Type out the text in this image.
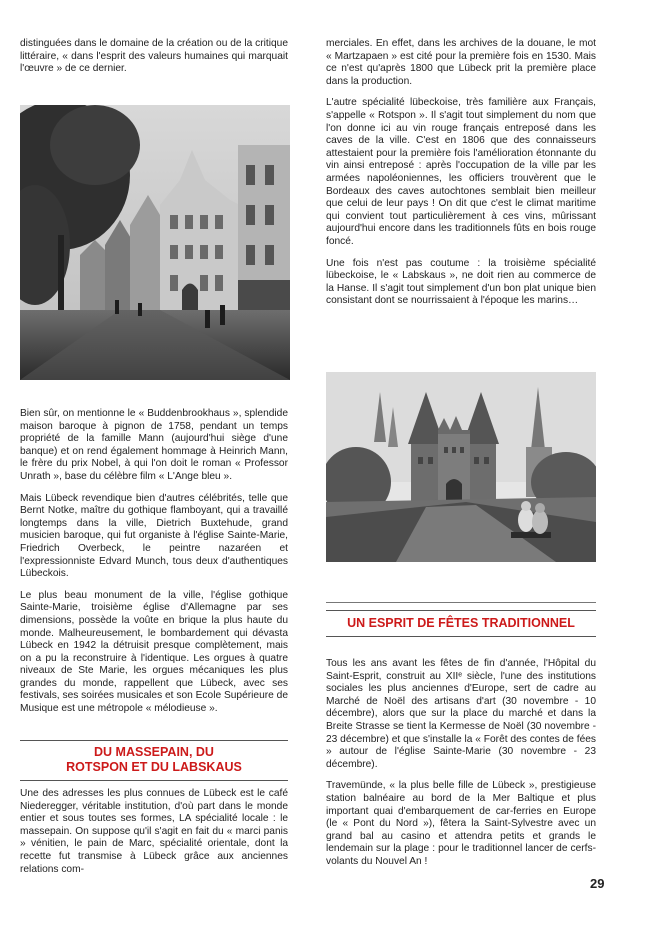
distinguées dans le domaine de la création ou de la critique littéraire, « dans l'esprit des valeurs humaines qui marquait l'œuvre » de ce dernier.

Bien sûr, on mentionne le « Buddenbrookhaus », splendide maison baroque à pignon de 1758, pendant un temps propriété de la famille Mann (aujourd'hui siège d'une banque) et on rend également hommage à Heinrich Mann, le frère du prix Nobel, à qui l'on doit le roman « Professor Unrath », base du célèbre film « L'Ange bleu ».

Mais Lübeck revendique bien d'autres célébrités, telle que Bernt Notke, maître du gothique flamboyant, qui a travaillé longtemps dans la ville, Dietrich Buxtehude, grand musicien baroque, qui fut organiste à l'église Sainte-Marie, Friedrich Overbeck, le peintre nazaréen et l'expressionniste Edvard Munch, tous deux d'authentiques Lübeckois.

Le plus beau monument de la ville, l'église gothique Sainte-Marie, troisième église d'Allemagne par ses dimensions, possède la voûte en brique la plus haute du monde. Malheureusement, le bombardement qui dévasta Lübeck en 1942 la détruisit presque complètement, mais on a pu la reconstruire à l'identique. Les orgues à quatre niveaux de Ste Marie, les orgues mécaniques les plus grandes du monde, rappellent que Lübeck, avec ses festivals, ses soirées musicales et son Ecole Supérieure de Musique est une métropole « mélodieuse ».

DU MASSEPAIN, DU ROTSPON ET DU LABSKAUS

Une des adresses les plus connues de Lübeck est le café Niederegger, véritable institution, d'où part dans le monde entier et sous toutes ses formes, LA spécialité locale : le massepain. On suppose qu'il s'agit en fait du « marci panis » vénitien, le pain de Marc, spécialité orientale, dont la recette fut transmise à Lübeck grâce aux anciennes relations com-

merciales. En effet, dans les archives de la douane, le mot « Martzapaen » est cité pour la première fois en 1530. Mais ce n'est qu'après 1800 que Lübeck prit la première place dans la production.

L'autre spécialité lübeckoise, très familière aux Français, s'appelle « Rotspon ». Il s'agit tout simplement du nom que l'on donne ici au vin rouge français entreposé dans les caves de la ville. C'est en 1806 que des connaisseurs attestaient pour la première fois l'amélioration étonnante du vin ainsi entreposé : après l'occupation de la ville par les armées napoléoniennes, les officiers trouvèrent que le Bordeaux des caves autochtones semblait bien meilleur que celui de leur pays ! On dit que c'est le climat maritime qui convient tout particulièrement à ces vins, mûrissant aujourd'hui encore dans les traditionnels fûts en bois rouge foncé.

Une fois n'est pas coutume : la troisième spécialité lübeckoise, le « Labskaus », ne doit rien au commerce de la Hanse. Il s'agit tout simplement d'un bon plat unique bien consistant dont se nourrissaient à l'époque les marins…

UN ESPRIT DE FÊTES TRADITIONNEL

Tous les ans avant les fêtes de fin d'année, l'Hôpital du Saint-Esprit, construit au XIIᵉ siècle, l'une des institutions sociales les plus anciennes d'Europe, sert de cadre au Marché de Noël des artisans d'art (30 novembre - 10 décembre), alors que sur la place du marché et dans la Breite Strasse se tient la Kermesse de Noël (30 novembre - 23 décembre) et que s'installe la « Forêt des contes de fées » autour de l'église Sainte-Marie (30 novembre - 23 décembre).

Travemünde, « la plus belle fille de Lübeck », prestigieuse station balnéaire au bord de la Mer Baltique et plus important quai d'embarquement de car-ferries en Europe (le « Pont du Nord »), fêtera la Saint-Sylvestre avec un grand bal au casino et attendra petits et grands le lendemain sur la plage : pour le traditionnel lancer de cerfs-volants du Nouvel An !

29
